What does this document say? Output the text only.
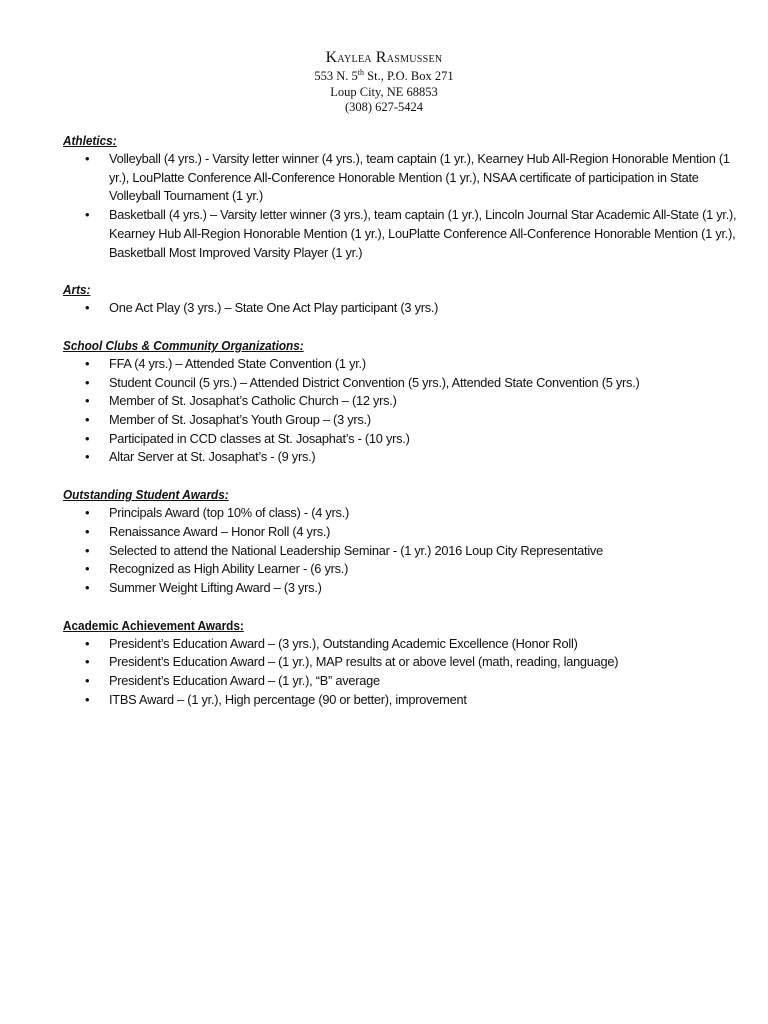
Kaylea Rasmussen
553 N. 5th St., P.O. Box 271
Loup City, NE 68853
(308) 627-5424
Athletics:
• Volleyball (4 yrs.) - Varsity letter winner (4 yrs.), team captain (1 yr.), Kearney Hub All-Region Honorable Mention (1 yr.), LouPlatte Conference All-Conference Honorable Mention (1 yr.), NSAA certificate of participation in State Volleyball Tournament (1 yr.)
• Basketball (4 yrs.) – Varsity letter winner (3 yrs.), team captain (1 yr.), Lincoln Journal Star Academic All-State (1 yr.), Kearney Hub All-Region Honorable Mention (1 yr.), LouPlatte Conference All-Conference Honorable Mention (1 yr.), Basketball Most Improved Varsity Player (1 yr.)
Arts:
• One Act Play (3 yrs.) – State One Act Play participant (3 yrs.)
School Clubs & Community Organizations:
• FFA (4 yrs.) – Attended State Convention (1 yr.)
• Student Council (5 yrs.) – Attended District Convention (5 yrs.), Attended State Convention (5 yrs.)
• Member of St. Josaphat’s Catholic Church – (12 yrs.)
• Member of St. Josaphat’s Youth Group – (3 yrs.)
• Participated in CCD classes at St. Josaphat’s - (10 yrs.)
• Altar Server at St. Josaphat’s - (9 yrs.)
Outstanding Student Awards:
• Principals Award (top 10% of class) - (4 yrs.)
• Renaissance Award – Honor Roll (4 yrs.)
• Selected to attend the National Leadership Seminar - (1 yr.) 2016 Loup City Representative
• Recognized as High Ability Learner - (6 yrs.)
• Summer Weight Lifting Award – (3 yrs.)
Academic Achievement Awards:
• President’s Education Award – (3 yrs.), Outstanding Academic Excellence (Honor Roll)
• President’s Education Award – (1 yr.), MAP results at or above level (math, reading, language)
• President’s Education Award – (1 yr.), “B” average
• ITBS Award – (1 yr.), High percentage (90 or better), improvement
